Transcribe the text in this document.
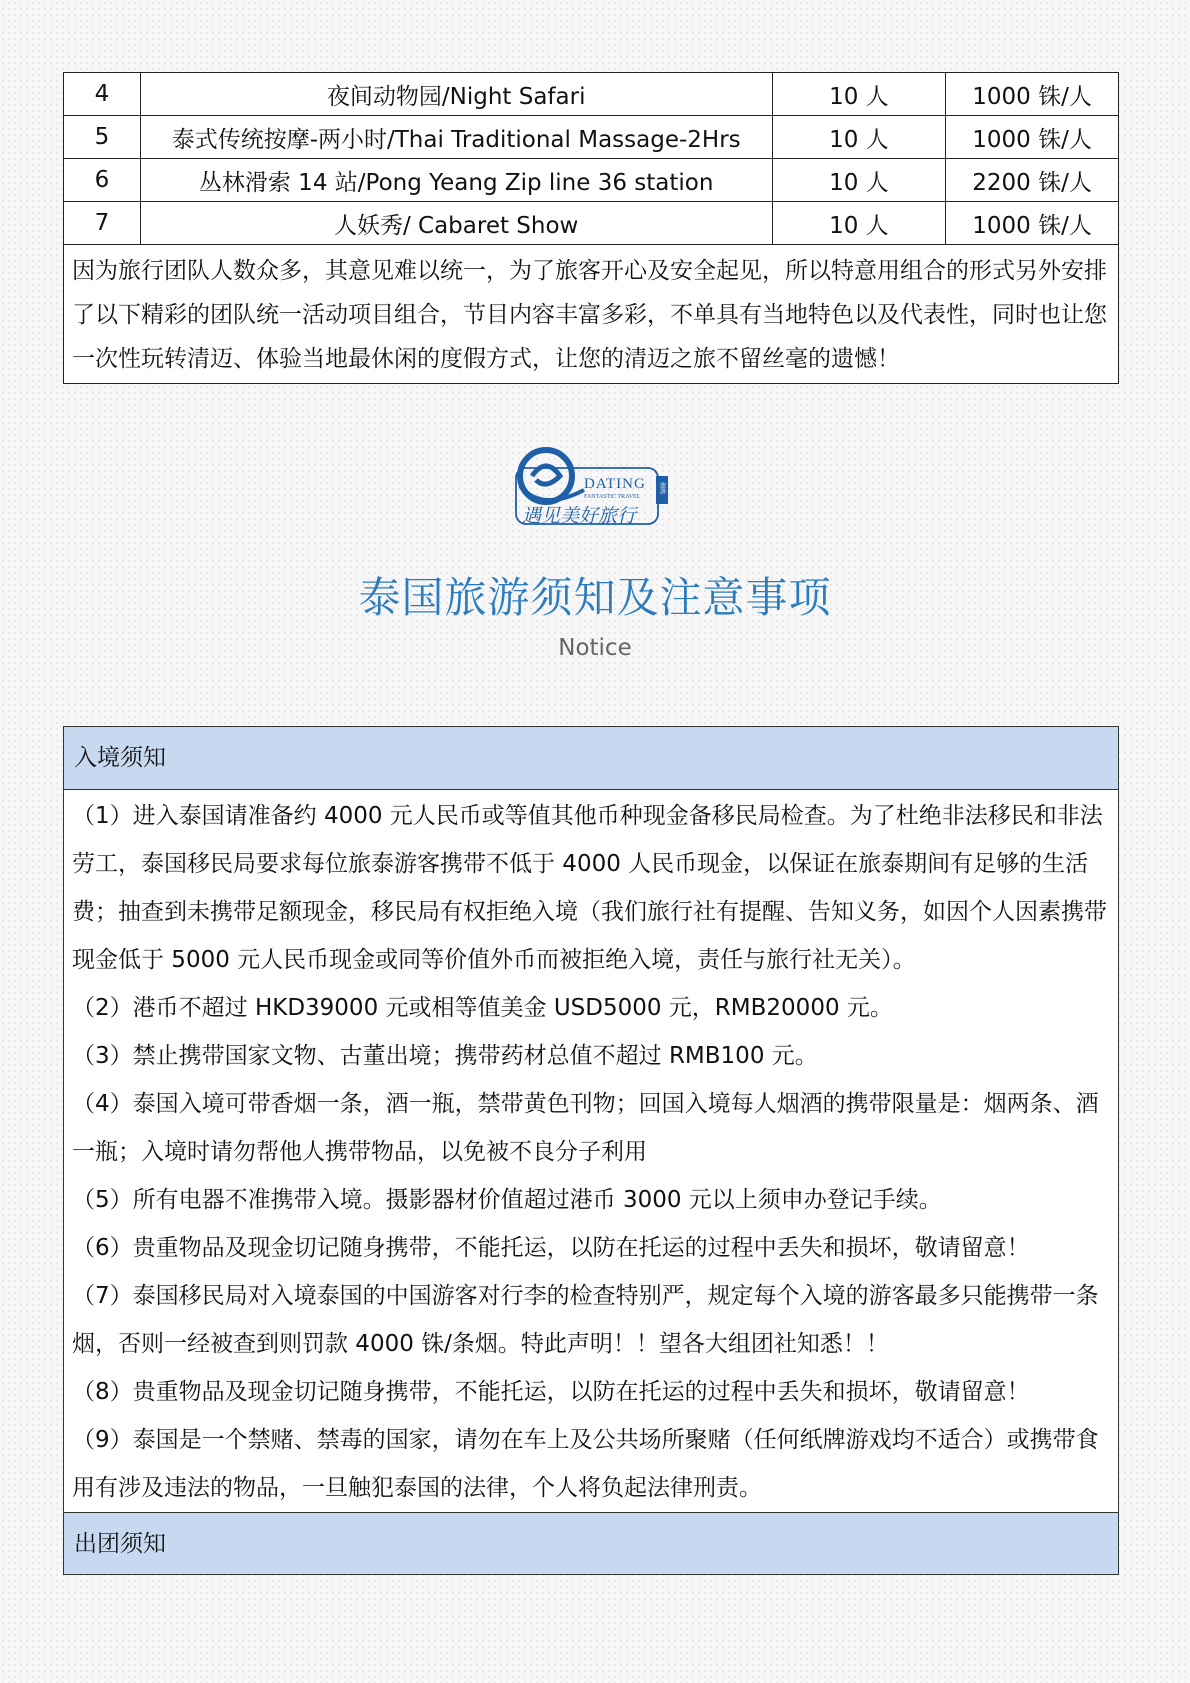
4	夜间动物园/Night Safari	10 人	1000 铢/人
5	泰式传统按摩-两小时/Thai Traditional Massage-2Hrs	10 人	1000 铢/人
6	丛林滑索 14 站/Pong Yeang Zip line 36 station	10 人	2200 铢/人
7	人妖秀/ Cabaret Show	10 人	1000 铢/人
因为旅行团队人数众多，其意见难以统一，为了旅客开心及安全起见，所以特意用组合的形式另外安排了以下精彩的团队统一活动项目组合，节目内容丰富多彩，不单具有当地特色以及代表性，同时也让您一次性玩转清迈、体验当地最休闲的度假方式，让您的清迈之旅不留丝毫的遗憾！			
DATING
FANTASTIC TRAVEL
遇见美好旅行
旅游
泰国旅游须知及注意事项
Notice
入境须知

（1）进入泰国请准备约 4000 元人民币或等值其他币种现金备移民局检查。为了杜绝非法移民和非法劳工，泰国移民局要求每位旅泰游客携带不低于 4000 人民币现金，以保证在旅泰期间有足够的生活费；抽查到未携带足额现金，移民局有权拒绝入境（我们旅行社有提醒、告知义务，如因个人因素携带现金低于 5000 元人民币现金或同等价值外币而被拒绝入境，责任与旅行社无关）。

（2）港币不超过 HKD39000 元或相等值美金 USD5000 元，RMB20000 元。

（3）禁止携带国家文物、古董出境；携带药材总值不超过 RMB100 元。

（4）泰国入境可带香烟一条，酒一瓶，禁带黄色刊物；回国入境每人烟酒的携带限量是：烟两条、酒一瓶；入境时请勿帮他人携带物品，以免被不良分子利用

（5）所有电器不准携带入境。摄影器材价值超过港币 3000 元以上须申办登记手续。

（6）贵重物品及现金切记随身携带，不能托运，以防在托运的过程中丢失和损坏，敬请留意！

（7）泰国移民局对入境泰国的中国游客对行李的检查特别严，规定每个入境的游客最多只能携带一条烟，否则一经被查到则罚款 4000 铢/条烟。特此声明！！望各大组团社知悉！！

（8）贵重物品及现金切记随身携带，不能托运，以防在托运的过程中丢失和损坏，敬请留意！

（9）泰国是一个禁赌、禁毒的国家，请勿在车上及公共场所聚赌（任何纸牌游戏均不适合）或携带食用有涉及违法的物品，一旦触犯泰国的法律，个人将负起法律刑责。

出团须知
